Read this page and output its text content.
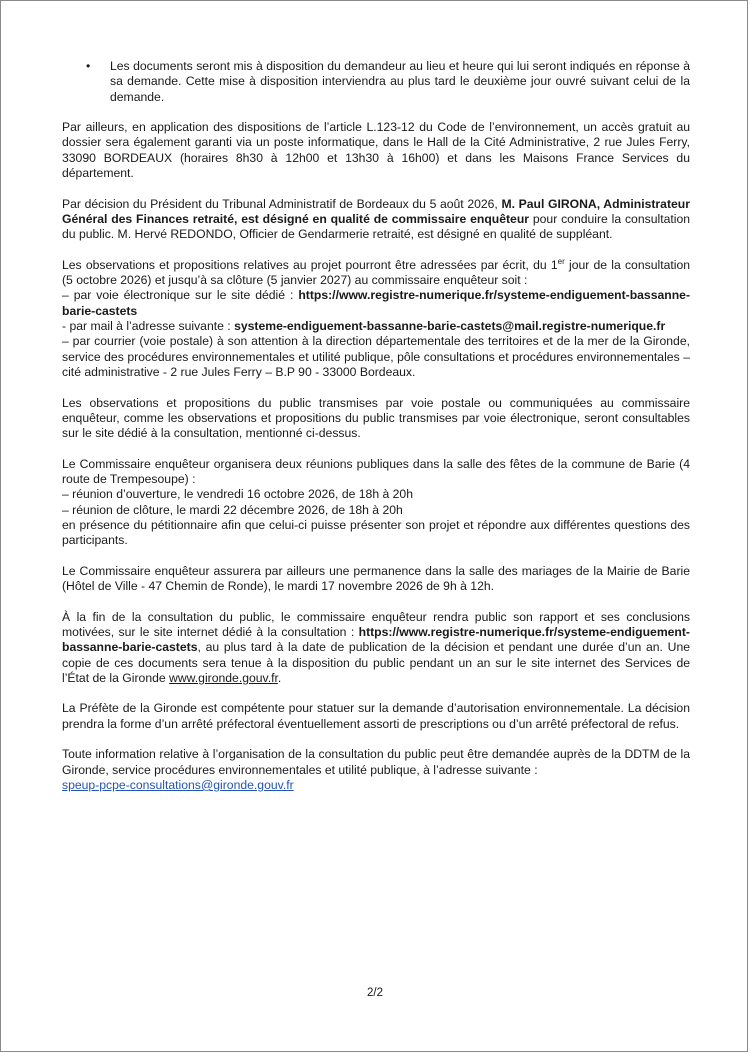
• Les documents seront mis à disposition du demandeur au lieu et heure qui lui seront indiqués en réponse à sa demande. Cette mise à disposition interviendra au plus tard le deuxième jour ouvré suivant celui de la demande.

Par ailleurs, en application des dispositions de l’article L.123-12 du Code de l’environnement, un accès gratuit au dossier sera également garanti via un poste informatique, dans le Hall de la Cité Administrative, 2 rue Jules Ferry, 33090 BORDEAUX (horaires 8h30 à 12h00 et 13h30 à 16h00) et dans les Maisons France Services du département.

Par décision du Président du Tribunal Administratif de Bordeaux du 5 août 2026, M. Paul GIRONA, Administrateur Général des Finances retraité, est désigné en qualité de commissaire enquêteur pour conduire la consultation du public. M. Hervé REDONDO, Officier de Gendarmerie retraité, est désigné en qualité de suppléant.

Les observations et propositions relatives au projet pourront être adressées par écrit, du 1er jour de la consultation (5 octobre 2026) et jusqu’à sa clôture (5 janvier 2027) au commissaire enquêteur soit :
– par voie électronique sur le site dédié : https://www.registre-numerique.fr/systeme-endiguement-bassanne-barie-castets
- par mail à l’adresse suivante : systeme-endiguement-bassanne-barie-castets@mail.registre-numerique.fr
– par courrier (voie postale) à son attention à la direction départementale des territoires et de la mer de la Gironde, service des procédures environnementales et utilité publique, pôle consultations et procédures environnementales – cité administrative - 2 rue Jules Ferry – B.P 90 - 33000 Bordeaux.

Les observations et propositions du public transmises par voie postale ou communiquées au commissaire enquêteur, comme les observations et propositions du public transmises par voie électronique, seront consultables sur le site dédié à la consultation, mentionné ci-dessus.

Le Commissaire enquêteur organisera deux réunions publiques dans la salle des fêtes de la commune de Barie (4 route de Trempesoupe) :
– réunion d’ouverture, le vendredi 16 octobre 2026, de 18h à 20h
– réunion de clôture, le mardi 22 décembre 2026, de 18h à 20h
en présence du pétitionnaire afin que celui-ci puisse présenter son projet et répondre aux différentes questions des participants.

Le Commissaire enquêteur assurera par ailleurs une permanence dans la salle des mariages de la Mairie de Barie (Hôtel de Ville - 47 Chemin de Ronde), le mardi 17 novembre 2026 de 9h à 12h.

À la fin de la consultation du public, le commissaire enquêteur rendra public son rapport et ses conclusions motivées, sur le site internet dédié à la consultation : https://www.registre-numerique.fr/systeme-endiguement-bassanne-barie-castets, au plus tard à la date de publication de la décision et pendant une durée d’un an. Une copie de ces documents sera tenue à la disposition du public pendant un an sur le site internet des Services de l’État de la Gironde www.gironde.gouv.fr.

La Préfète de la Gironde est compétente pour statuer sur la demande d’autorisation environnementale. La décision prendra la forme d’un arrêté préfectoral éventuellement assorti de prescriptions ou d’un arrêté préfectoral de refus.

Toute information relative à l’organisation de la consultation du public peut être demandée auprès de la DDTM de la Gironde, service procédures environnementales et utilité publique, à l’adresse suivante :
speup-pcpe-consultations@gironde.gouv.fr

2/2
